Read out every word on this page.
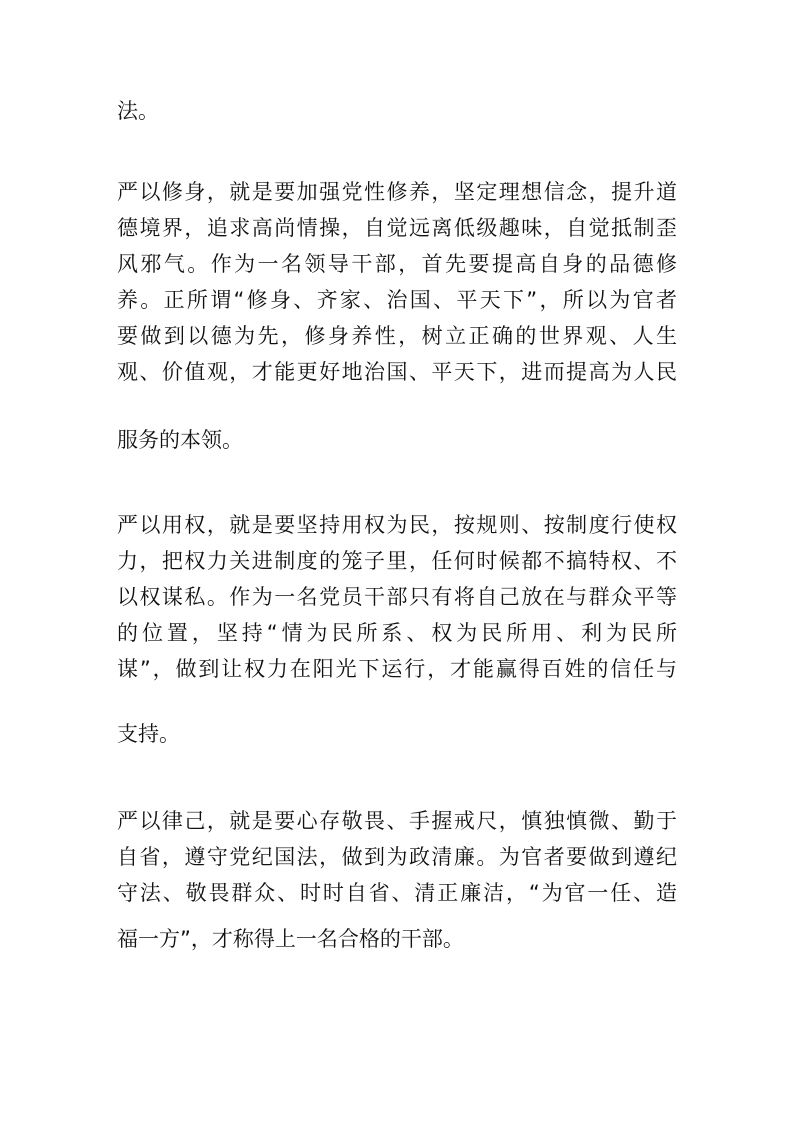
法。
严以修身，就是要加强党性修养，坚定理想信念，提升道
德境界，追求高尚情操，自觉远离低级趣味，自觉抵制歪
风邪气。作为一名领导干部，首先要提高自身的品德修
养。正所谓“修身、齐家、治国、平天下”，所以为官者
要做到以德为先，修身养性，树立正确的世界观、人生
观、价值观，才能更好地治国、平天下，进而提高为人民
服务的本领。
严以用权，就是要坚持用权为民，按规则、按制度行使权
力，把权力关进制度的笼子里，任何时候都不搞特权、不
以权谋私。作为一名党员干部只有将自己放在与群众平等
的位置，坚持“情为民所系、权为民所用、利为民所
谋”，做到让权力在阳光下运行，才能赢得百姓的信任与
支持。
严以律己，就是要心存敬畏、手握戒尺，慎独慎微、勤于
自省，遵守党纪国法，做到为政清廉。为官者要做到遵纪
守法、敬畏群众、时时自省、清正廉洁，“为官一任、造
福一方”，才称得上一名合格的干部。
